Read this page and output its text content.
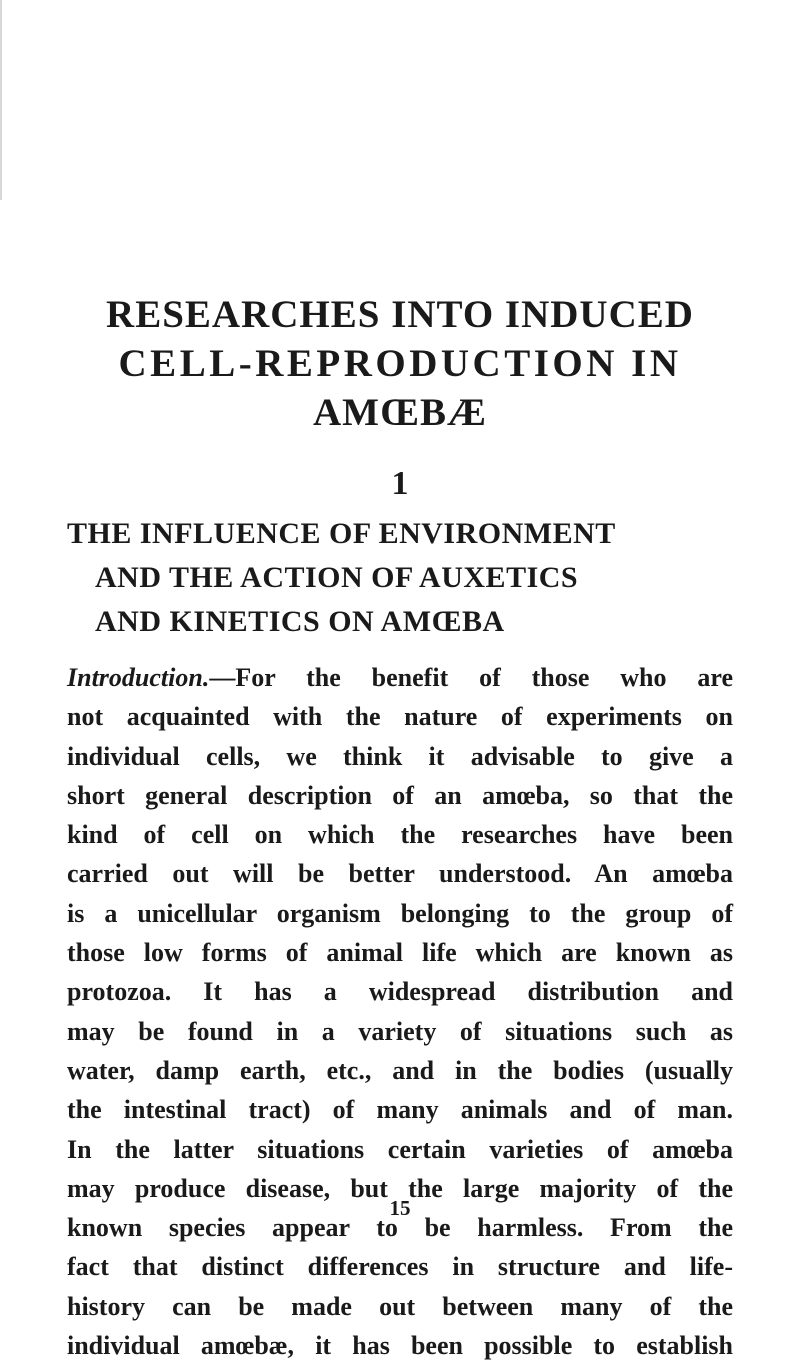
RESEARCHES INTO INDUCED
CELL-REPRODUCTION IN
AMŒBÆ
1
THE INFLUENCE OF ENVIRONMENT
AND THE ACTION OF AUXETICS
AND KINETICS ON AMŒBA
Introduction.—For the benefit of those who are
not acquainted with the nature of experiments on
individual cells, we think it advisable to give a
short general description of an amœba, so that the
kind of cell on which the researches have been
carried out will be better understood. An amœba
is a unicellular organism belonging to the group of
those low forms of animal life which are known as
protozoa. It has a widespread distribution and
may be found in a variety of situations such as
water, damp earth, etc., and in the bodies (usually
the intestinal tract) of many animals and of man.
In the latter situations certain varieties of amœba
may produce disease, but the large majority of the
known species appear to be harmless. From the
fact that distinct differences in structure and life-
history can be made out between many of the
individual amœbæ, it has been possible to establish
15
